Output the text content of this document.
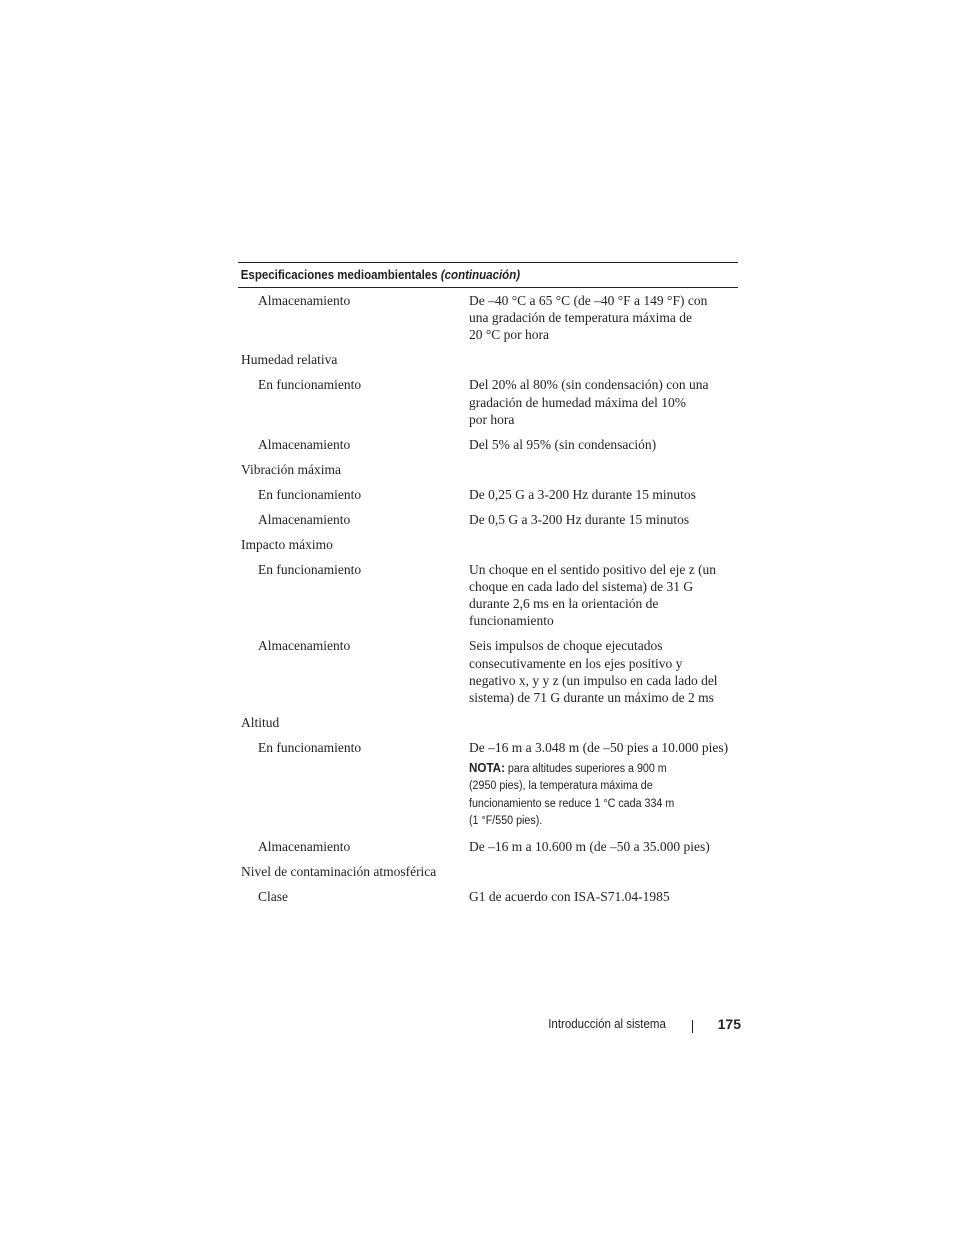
Especificaciones medioambientales (continuación)
Almacenamiento	De –40 °C a 65 °C (de –40 °F a 149 °F) con
una gradación de temperatura máxima de
20 °C por hora
Humedad relativa
En funcionamiento	Del 20% al 80% (sin condensación) con una
gradación de humedad máxima del 10%
por hora
Almacenamiento	Del 5% al 95% (sin condensación)
Vibración máxima
En funcionamiento	De 0,25 G a 3-200 Hz durante 15 minutos
Almacenamiento	De 0,5 G a 3-200 Hz durante 15 minutos
Impacto máximo
En funcionamiento	Un choque en el sentido positivo del eje z (un
choque en cada lado del sistema) de 31 G
durante 2,6 ms en la orientación de
funcionamiento
Almacenamiento	Seis impulsos de choque ejecutados
consecutivamente en los ejes positivo y
negativo x, y y z (un impulso en cada lado del
sistema) de 71 G durante un máximo de 2 ms
Altitud
En funcionamiento	De –16 m a 3.048 m (de –50 pies a 10.000 pies)
NOTA: para altitudes superiores a 900 m
(2950 pies), la temperatura máxima de
funcionamiento se reduce 1 °C cada 334 m
(1 °F/550 pies).
Almacenamiento	De –16 m a 10.600 m (de –50 a 35.000 pies)
Nivel de contaminación atmosférica
Clase	G1 de acuerdo con ISA-S71.04-1985
Introducción al sistema	175
